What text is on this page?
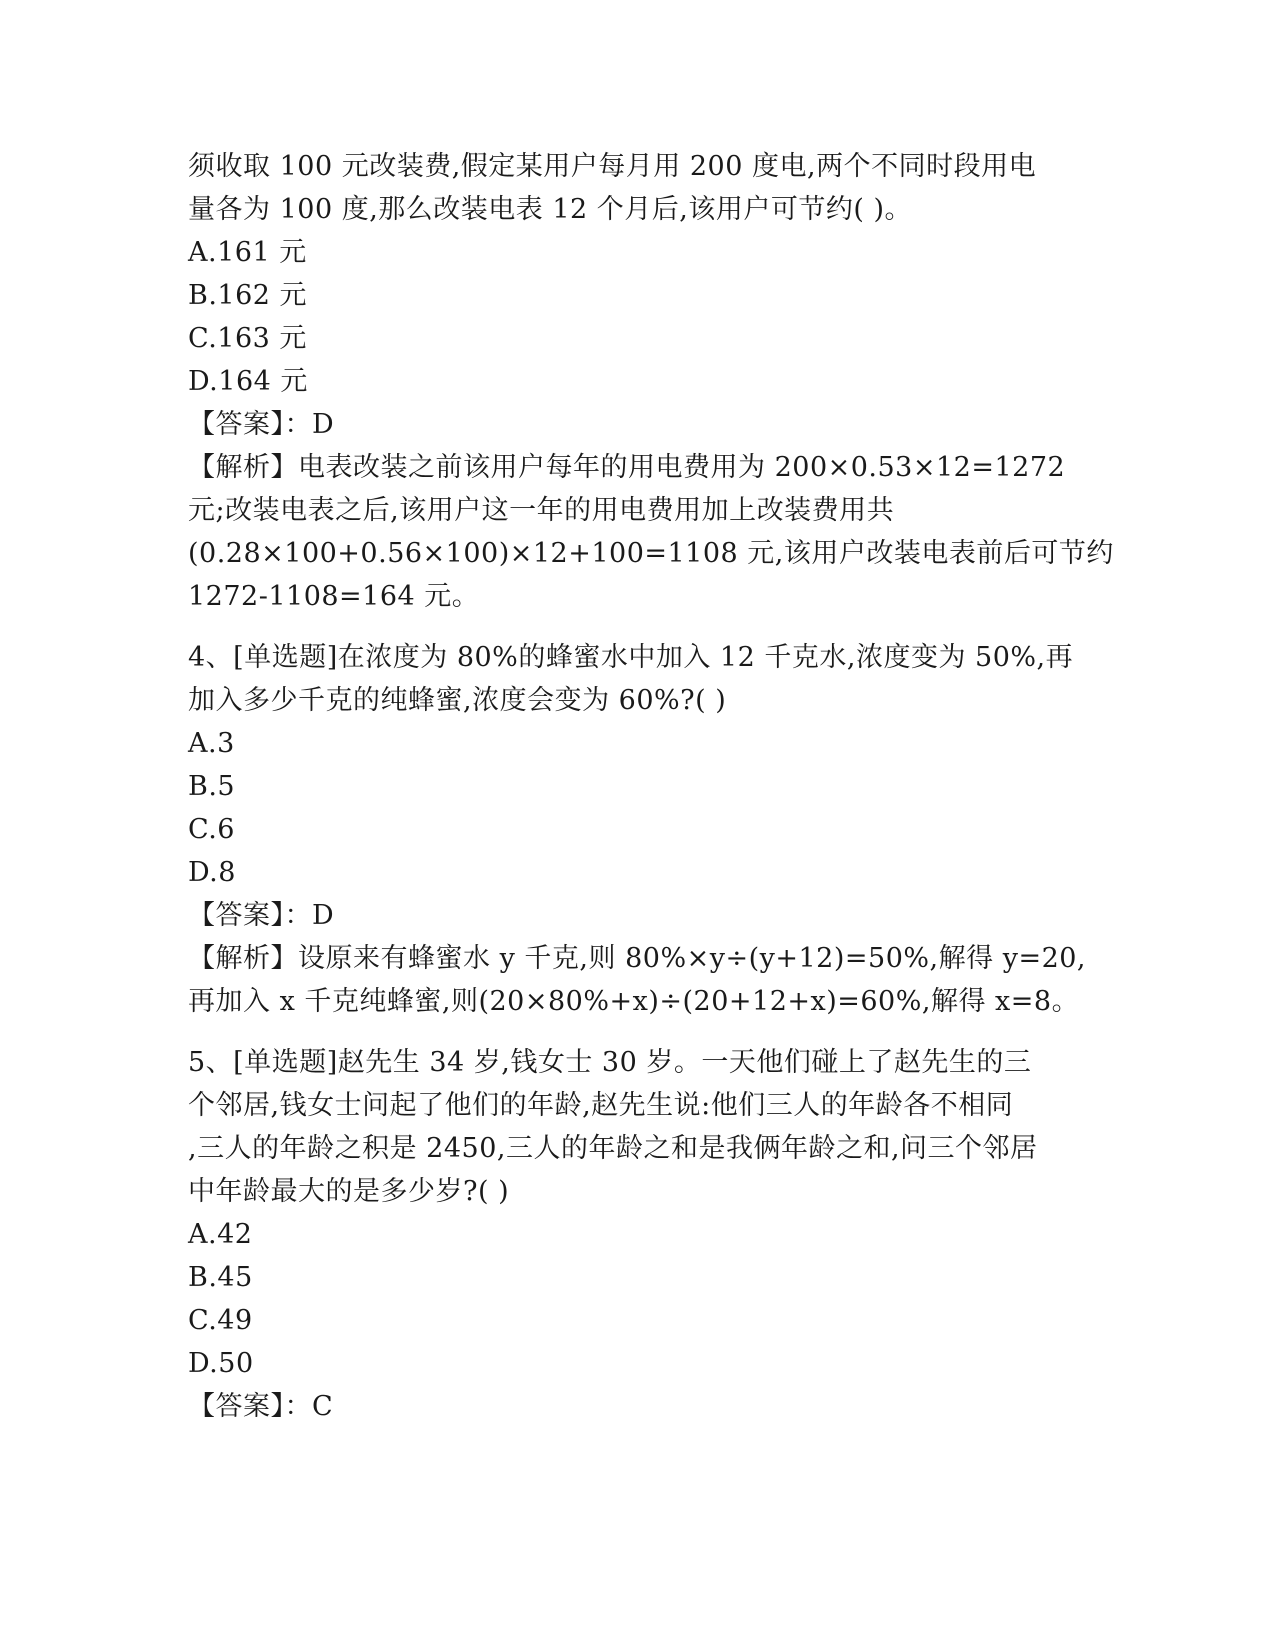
须收取 100 元改装费,假定某用户每月用 200 度电,两个不同时段用电
量各为 100 度,那么改装电表 12 个月后,该用户可节约( )。
A.161 元
B.162 元
C.163 元
D.164 元
【答案】：D
【解析】电表改装之前该用户每年的用电费用为 200×0.53×12=1272
元;改装电表之后,该用户这一年的用电费用加上改装费用共
(0.28×100+0.56×100)×12+100=1108 元,该用户改装电表前后可节约
1272-1108=164 元。
4、[单选题]在浓度为 80%的蜂蜜水中加入 12 千克水,浓度变为 50%,再
加入多少千克的纯蜂蜜,浓度会变为 60%?( )
A.3
B.5
C.6
D.8
【答案】：D
【解析】设原来有蜂蜜水 y 千克,则 80%×y÷(y+12)=50%,解得 y=20,
再加入 x 千克纯蜂蜜,则(20×80%+x)÷(20+12+x)=60%,解得 x=8。
5、[单选题]赵先生 34 岁,钱女士 30 岁。一天他们碰上了赵先生的三
个邻居,钱女士问起了他们的年龄,赵先生说:他们三人的年龄各不相同
,三人的年龄之积是 2450,三人的年龄之和是我俩年龄之和,问三个邻居
中年龄最大的是多少岁?( )
A.42
B.45
C.49
D.50
【答案】：C
